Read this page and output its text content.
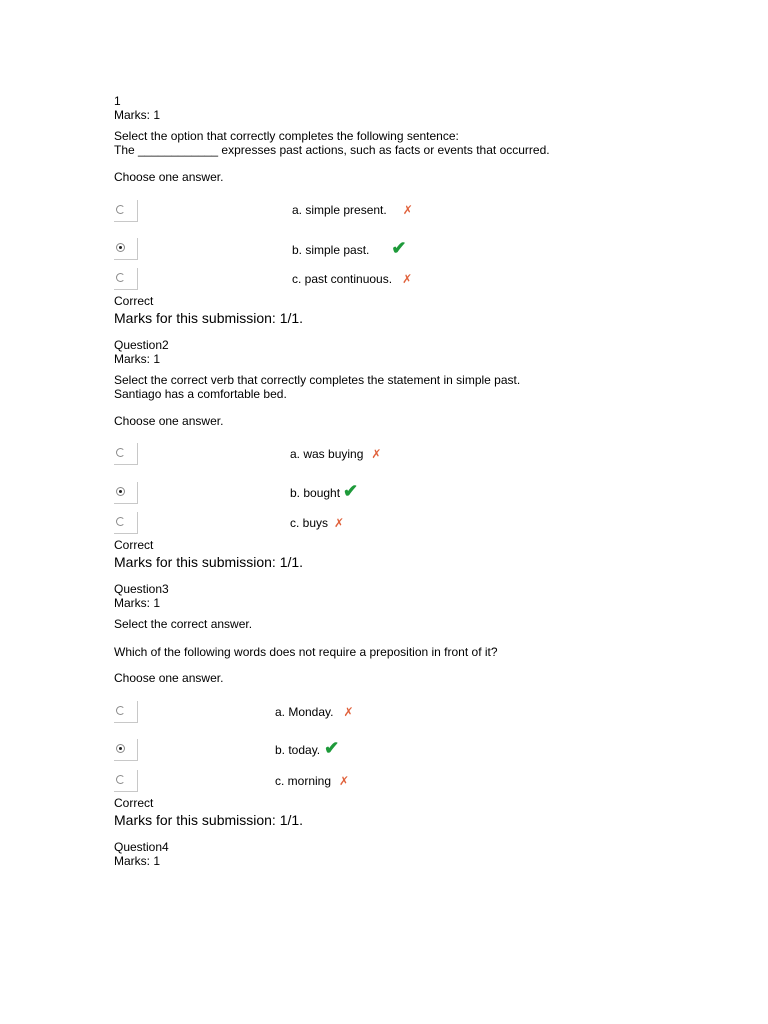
1
Marks: 1
Select the option that correctly completes the following sentence:
The ____________ expresses past actions, such as facts or events that occurred.
Choose one answer.
a. simple present. ✗
b. simple past. ✔
c. past continuous. ✗
Correct
Marks for this submission: 1/1.
Question2
Marks: 1
Select the correct verb that correctly completes the statement in simple past.
Santiago has a comfortable bed.
Choose one answer.
a. was buying ✗
b. bought ✔
c. buys ✗
Correct
Marks for this submission: 1/1.
Question3
Marks: 1
Select the correct answer.
Which of the following words does not require a preposition in front of it?
Choose one answer.
a. Monday. ✗
b. today. ✔
c. morning ✗
Correct
Marks for this submission: 1/1.
Question4
Marks: 1
